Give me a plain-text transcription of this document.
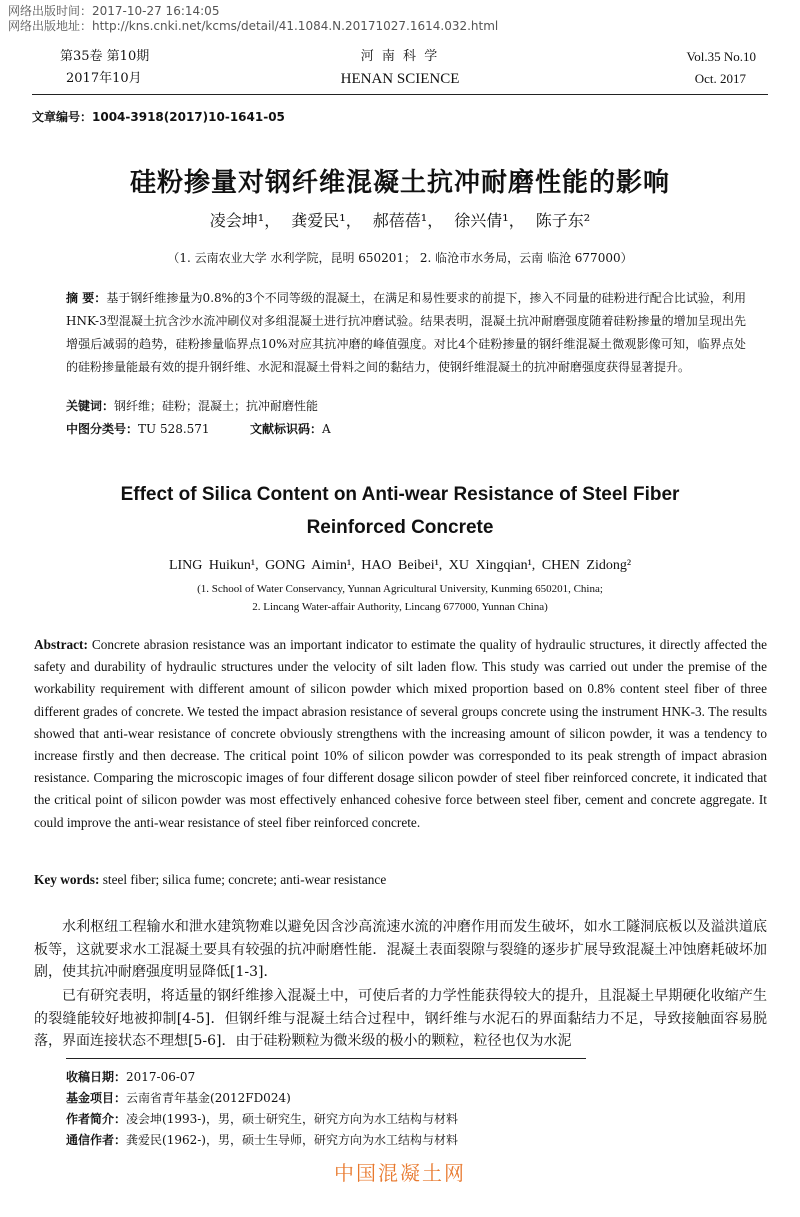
网络出版时间：2017-10-27 16:14:05
网络出版地址：http://kns.cnki.net/kcms/detail/41.1084.N.20171027.1614.032.html
第35卷 第10期
2017年10月
河 南 科 学
HENAN SCIENCE
Vol.35 No.10
Oct. 2017
文章编号：1004-3918(2017)10-1641-05
硅粉掺量对钢纤维混凝土抗冲耐磨性能的影响
凌会坤¹， 龚爱民¹， 郝蓓蓓¹， 徐兴倩¹， 陈子东²
（1. 云南农业大学 水利学院，昆明 650201； 2. 临沧市水务局，云南 临沧 677000）
摘 要：基于钢纤维掺量为0.8%的3个不同等级的混凝土，在满足和易性要求的前提下，掺入不同量的硅粉进行配合比试验，利用HNK-3型混凝土抗含沙水流冲刷仪对多组混凝土进行抗冲磨试验。结果表明，混凝土抗冲耐磨强度随着硅粉掺量的增加呈现出先增强后减弱的趋势，硅粉掺量临界点10%对应其抗冲磨的峰值强度。对比4个硅粉掺量的钢纤维混凝土微观影像可知，临界点处的硅粉掺量能最有效的提升钢纤维、水泥和混凝土骨料之间的黏结力，使钢纤维混凝土的抗冲耐磨强度获得显著提升。
关键词：钢纤维；硅粉；混凝土；抗冲耐磨性能
中图分类号：TU 528.571	文献标识码：A
Effect of Silica Content on Anti-wear Resistance of Steel Fiber
Reinforced Concrete
LING Huikun¹, GONG Aimin¹, HAO Beibei¹, XU Xingqian¹, CHEN Zidong²
(1. School of Water Conservancy, Yunnan Agricultural University, Kunming 650201, China;
2. Lincang Water-affair Authority, Lincang 677000, Yunnan China)
Abstract: Concrete abrasion resistance was an important indicator to estimate the quality of hydraulic structures, it directly affected the safety and durability of hydraulic structures under the velocity of silt laden flow. This study was carried out under the premise of the workability requirement with different amount of silicon powder which mixed proportion based on 0.8% content steel fiber of three different grades of concrete. We tested the impact abrasion resistance of several groups concrete using the instrument HNK-3. The results showed that anti-wear resistance of concrete obviously strengthens with the increasing amount of silicon powder, it was a tendency to increase firstly and then decrease. The critical point 10% of silicon powder was corresponded to its peak strength of impact abrasion resistance. Comparing the microscopic images of four different dosage silicon powder of steel fiber reinforced concrete, it indicated that the critical point of silicon powder was most effectively enhanced cohesive force between steel fiber, cement and concrete aggregate. It could improve the anti-wear resistance of steel fiber reinforced concrete.
Key words: steel fiber; silica fume; concrete; anti-wear resistance
水利枢纽工程输水和泄水建筑物难以避免因含沙高流速水流的冲磨作用而发生破坏，如水工隧洞底板以及溢洪道底板等，这就要求水工混凝土要具有较强的抗冲耐磨性能．混凝土表面裂隙与裂缝的逐步扩展导致混凝土冲蚀磨耗破坏加剧，使其抗冲耐磨强度明显降低[1-3]．
已有研究表明，将适量的钢纤维掺入混凝土中，可使后者的力学性能获得较大的提升，且混凝土早期硬化收缩产生的裂缝能较好地被抑制[4-5]．但钢纤维与混凝土结合过程中，钢纤维与水泥石的界面黏结力不足，导致接触面容易脱落，界面连接状态不理想[5-6]．由于硅粉颗粒为微米级的极小的颗粒，粒径也仅为水泥
收稿日期：2017-06-07
基金项目：云南省青年基金(2012FD024)
作者简介：凌会坤(1993-)，男，硕士研究生，研究方向为水工结构与材料
通信作者：龚爱民(1962-)，男，硕士生导师，研究方向为水工结构与材料
中国混凝土网
